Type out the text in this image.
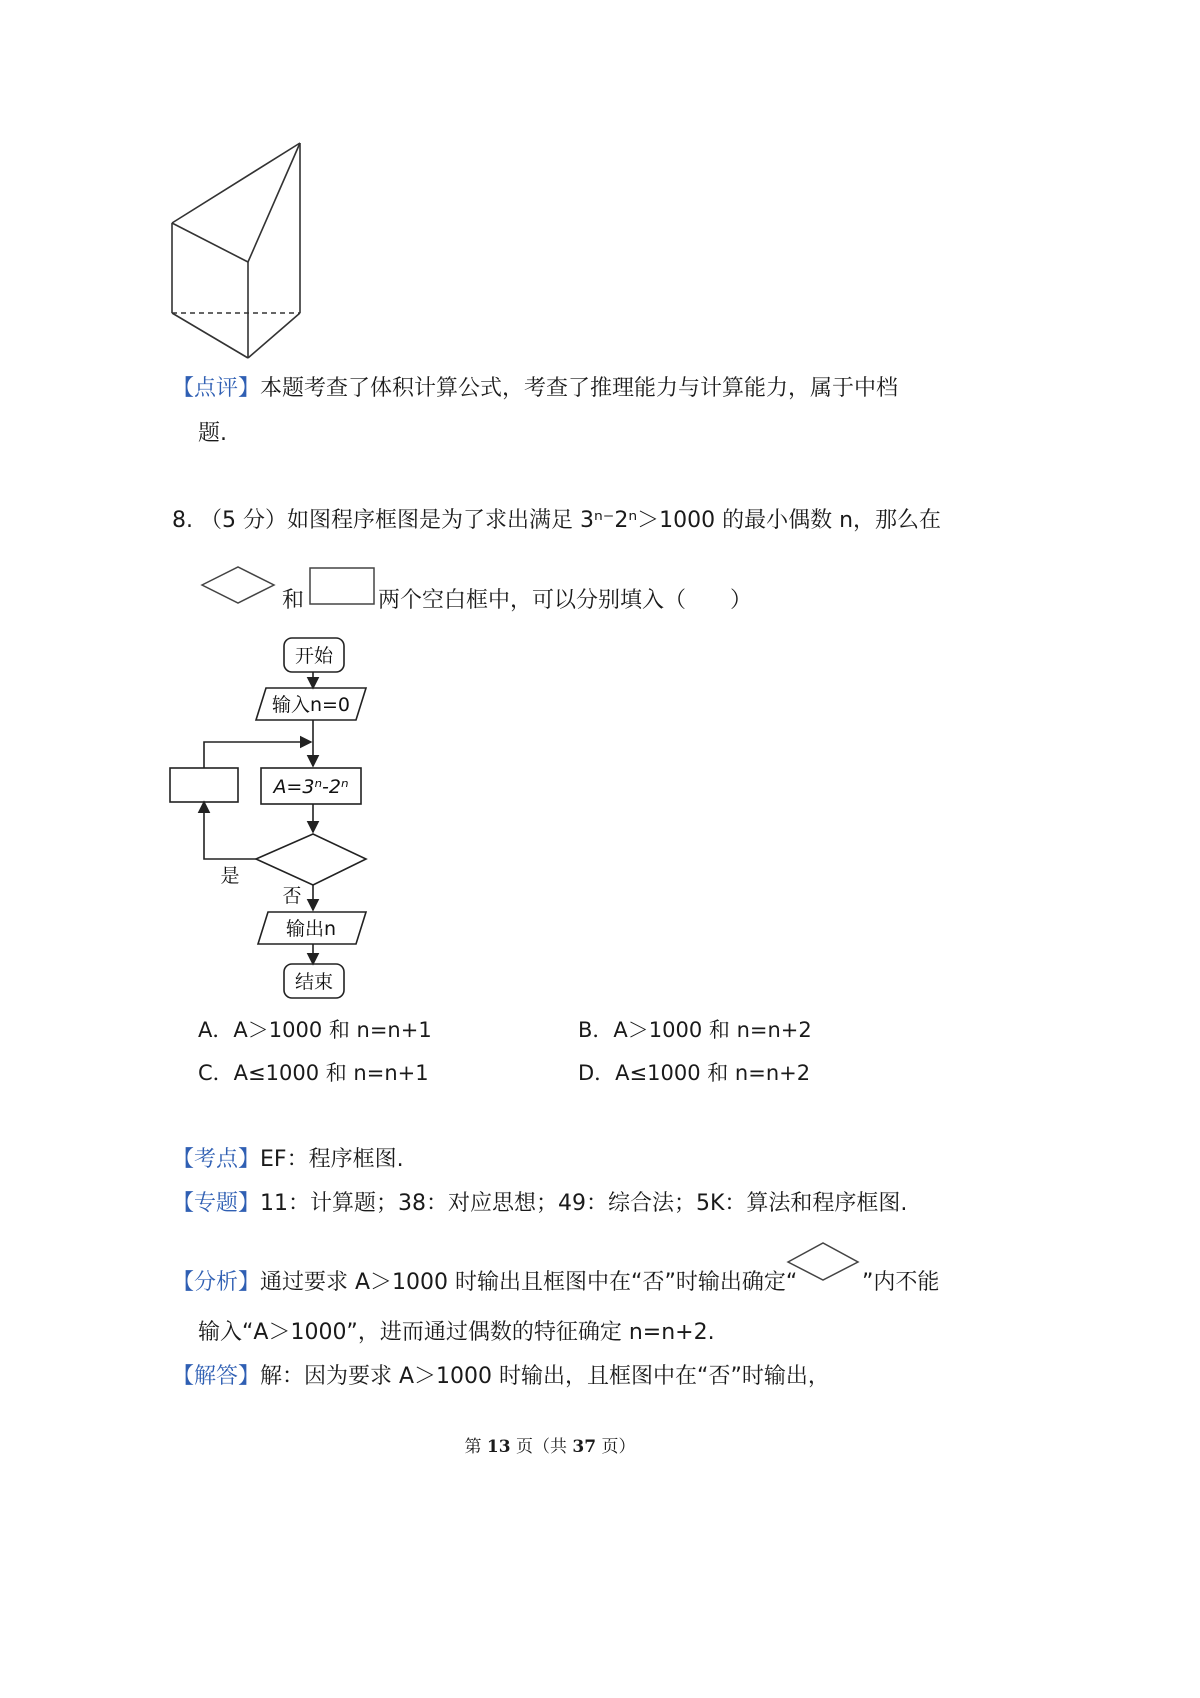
【点评】本题考查了体积计算公式，考查了推理能力与计算能力，属于中档
题.
8. （5 分）如图程序框图是为了求出满足 3ⁿ⁻2ⁿ＞1000 的最小偶数 n，那么在
和	两个空白框中，可以分别填入（　　）
开始
输入n=0
A=3ⁿ-2ⁿ
是
否
输出n
结束
A．A＞1000 和 n=n+1	B．A＞1000 和 n=n+2
C．A≤1000 和 n=n+1	D．A≤1000 和 n=n+2
【考点】EF：程序框图.
【专题】11：计算题；38：对应思想；49：综合法；5K：算法和程序框图.
【分析】通过要求 A＞1000 时输出且框图中在“否”时输出确定“	”内不能
输入“A＞1000”，进而通过偶数的特征确定 n=n+2.
【解答】解：因为要求 A＞1000 时输出，且框图中在“否”时输出，
第 13 页（共 37 页）
